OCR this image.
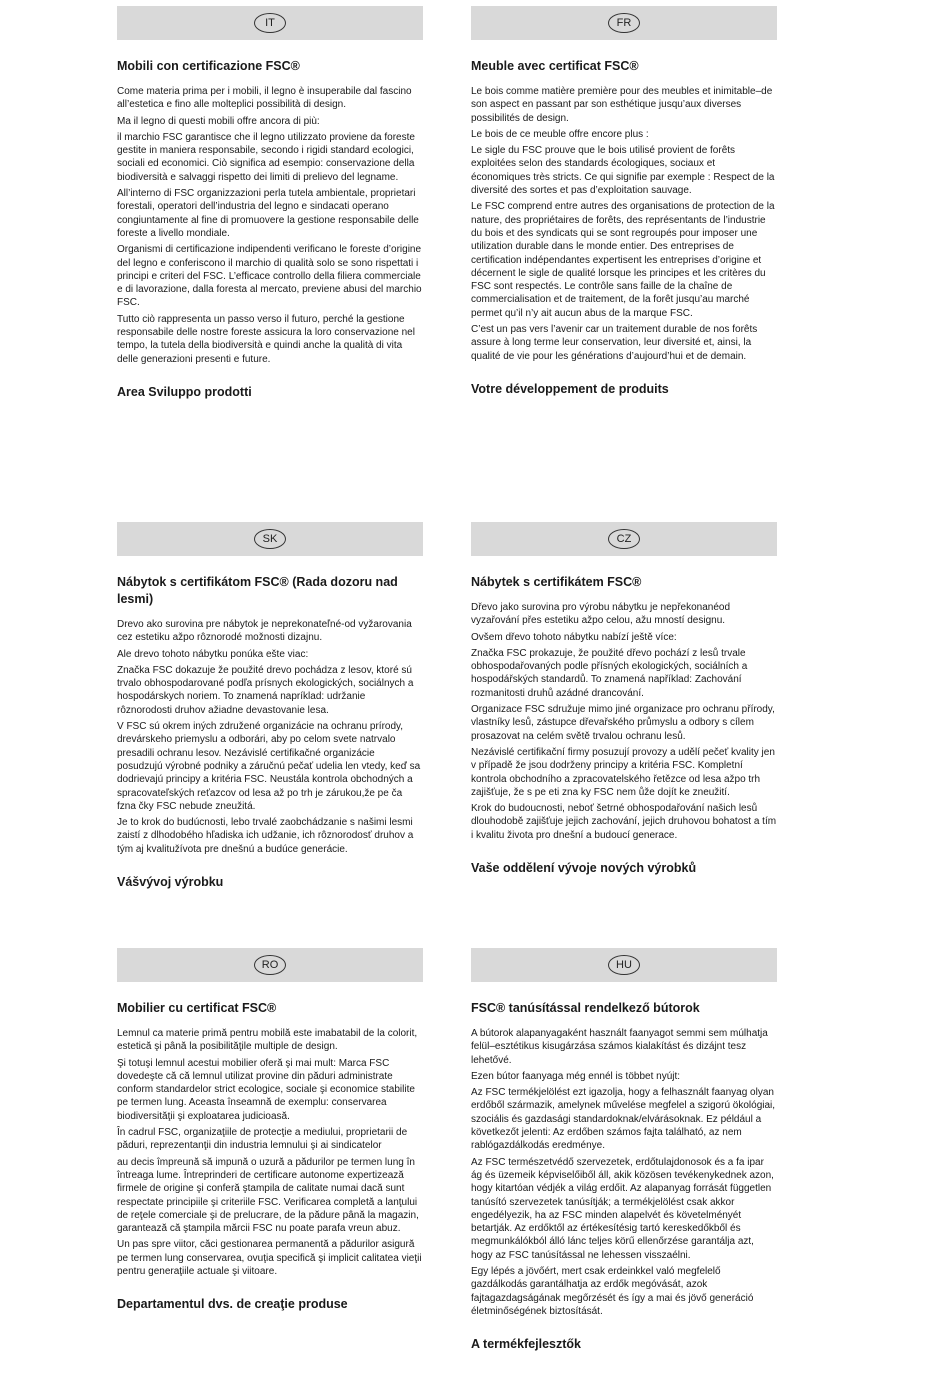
IT
Mobili con certificazione FSC®

Come materia prima per i mobili, il legno è insuperabile dal fascino all’estetica e fino alle molteplici possibilità di design.

Ma il legno di questi mobili offre ancora di più:

il marchio FSC garantisce che il legno utilizzato proviene da foreste gestite in maniera responsabile, secondo i rigidi standard ecologici, sociali ed economici. Ciò significa ad esempio: conservazione della biodiversità e salvaggi rispetto dei limiti di prelievo del legname.

All’interno di FSC organizzazioni perla tutela ambientale, proprietari forestali, operatori dell’industria del legno e sindacati operano congiuntamente al fine di promuovere la gestione responsabile delle foreste a livello mondiale.

Organismi di certificazione indipendenti verificano le foreste d’origine del legno e conferiscono il marchio di qualità solo se sono rispettati i principi e criteri del FSC. L’efficace controllo della filiera commerciale e di lavorazione, dalla foresta al mercato, previene abusi del marchio FSC.

Tutto ciò rappresenta un passo verso il futuro, perché la gestione responsabile delle nostre foreste assicura la loro conservazione nel tempo, la tutela della biodiversità e quindi anche la qualità di vita delle generazioni presenti e future.

Area Sviluppo prodotti
FR
Meuble avec certificat FSC®

Le bois comme matière première pour des meubles et inimitable–de son aspect en passant par son esthétique jusqu’aux diverses possibilités de design.

Le bois de ce meuble offre encore plus :

Le sigle du FSC prouve que le bois utilisé provient de forêts exploitées selon des standards écologiques, sociaux et économiques très stricts. Ce qui signifie par exemple : Respect de la diversité des sortes et pas d’exploitation sauvage.

Le FSC comprend entre autres des organisations de protection de la nature, des propriétaires de forêts, des représentants de l’industrie du bois et des syndicats qui se sont regroupés pour imposer une utilization durable dans le monde entier. Des entreprises de certification indépendantes expertisent les entreprises d’origine et décernent le sigle de qualité lorsque les principes et les critères du FSC sont respectés. Le contrôle sans faille de la chaîne de commercialisation et de traitement, de la forêt jusqu’au marché permet qu’il n’y ait aucun abus de la marque FSC.

C’est un pas vers l’avenir car un traitement durable de nos forêts assure à long terme leur conservation, leur diversité et, ainsi, la qualité de vie pour les générations d’aujourd’hui et de demain.

Votre développement de produits
SK
Nábytok s certifikátom FSC® (Rada dozoru nad lesmi)

Drevo ako surovina pre nábytok je neprekonateľné-od vyžarovania cez estetiku ažpo rôznorodé možnosti dizajnu.

Ale drevo tohoto nábytku ponúka ešte viac:

Značka FSC dokazuje že použité drevo pochádza z lesov, ktoré sú trvalo obhospodarované podľa prísnych ekologických, sociálnych a hospodárskych noriem. To znamená napríklad: udržanie rôznorodosti druhov ažiadne devastovanie lesa.

V FSC sú okrem iných združené organizácie na ochranu prírody, drevárskeho priemyslu a odborári, aby po celom svete natrvalo presadili ochranu lesov. Nezávislé certifikačné organizácie posudzujú výrobné podniky a záručnú pečať udelia len vtedy, keď sa dodrievajú principy a kritéria FSC. Neustála kontrola obchodných a spracovateľských reťazcov od lesa až po trh je zárukou,že pe ča fzna čky FSC nebude zneužitá.

Je to krok do budúcnosti, lebo trvalé zaobchádzanie s našimi lesmi zaistí z dlhodobého hľadiska ich udžanie, ich rôznorodosť druhov a tým aj kvalitužívota pre dnešnú a budúce generácie.

Vášvývoj výrobku
CZ
Nábytek s certifikátem FSC®

Dřevo jako surovina pro výrobu nábytku je nepřekonanéod vyzařování přes estetiku ažpo celou, ažu mností designu.

Ovšem dřevo tohoto nábytku nabízí ještě více:

Značka FSC prokazuje, že použité dřevo pochází z lesů trvale obhospodařovaných podle přísných ekologických, sociálních a hospodářských standardů. To znamená například: Zachování rozmanitosti druhů azádné drancování.

Organizace FSC sdružuje mimo jiné organizace pro ochranu přírody, vlastníky lesů, zástupce dřevařského průmyslu a odbory s cílem prosazovat na celém světě trvalou ochranu lesů.

Nezávislé certifikační firmy posuzují provozy a udělí pečeť kvality jen v případě že jsou dodrženy principy a kritéria FSC. Kompletní kontrola obchodního a zpracovatelského řetězce od lesa ažpo trh zajišťuje, že s pe eti zna ky FSC nem ůže dojít ke zneužití.

Krok do budoucnosti, neboť šetrné obhospodařování našich lesů dlouhodobě zajišťuje jejich zachování, jejich druhovou bohatost a tím i kvalitu života pro dnešní a budoucí generace.

Vaše oddělení vývoje nových výrobků
RO
Mobilier cu certificat FSC®

Lemnul ca materie primă pentru mobilă este imabatabil de la colorit, estetică şi până la posibilităţile multiple de design.

Şi totuşi lemnul acestui mobilier oferă şi mai mult: Marca FSC dovedeşte că că lemnul utilizat provine din păduri administrate conform standardelor strict ecologice, sociale şi economice stabilite pe termen lung. Aceasta înseamnă de exemplu: conservarea biodiversităţii şi exploatarea judicioasă.

În cadrul FSC, organizaţiile de protecţie a mediului, proprietarii de păduri, reprezentanţii din industria lemnului şi ai sindicatelor

au decis împreună să impună o uzură a pădurilor pe termen lung în întreaga lume. Întreprinderi de certificare autonome expertizează firmele de origine şi conferă ştampila de calitate numai dacă sunt respectate principiile şi criteriile FSC. Verificarea completă a lanţului de reţele comerciale şi de prelucrare, de la pădure până la magazin, garantează că ştampila mărcii FSC nu poate parafa vreun abuz.

Un pas spre viitor, căci gestionarea permanentă a pădurilor asigură pe termen lung conservarea, ovuţia specifică şi implicit calitatea vieţii pentru generaţiile actuale şi viitoare.

Departamentul dvs. de creaţie produse
HU
FSC® tanúsítással rendelkező bútorok

A bútorok alapanyagaként használt faanyagot semmi sem múlhatja felül–esztétikus kisugárzása számos kialakítást és dizájnt tesz lehetővé.

Ezen bútor faanyaga még ennél is többet nyújt:

Az FSC termékjelölést ezt igazolja, hogy a felhasznált faanyag olyan erdőből származik, amelynek művelése megfelel a szigorú ökológiai, szociális és gazdasági standardoknak/elvárásoknak. Ez például a következőt jelenti: Az erdőben számos fajta található, az nem rablógazdálkodás eredménye.

Az FSC természetvédő szervezetek, erdőtulajdonosok és a fa ipar ág és üzemeik képviselőiből áll, akik közösen tevékenykednek azon, hogy kitartóan védjék a világ erdőit. Az alapanyag forrását független tanúsító szervezetek tanúsítják; a termékjelölést csak akkor engedélyezik, ha az FSC minden alapelvét és követelményét betartják. Az erdőktől az értékesítésig tartó kereskedőkből és megmunkálókból álló lánc teljes körű ellenőrzése garantálja azt, hogy az FSC tanúsítással ne lehessen visszaélni.

Egy lépés a jövőért, mert csak erdeinkkel való megfelelő gazdálkodás garantálhatja az erdők megóvását, azok fajtagazdagságának megőrzését és így a mai és jövő generáció életminőségének biztosítását.

A termékfejlesztők
